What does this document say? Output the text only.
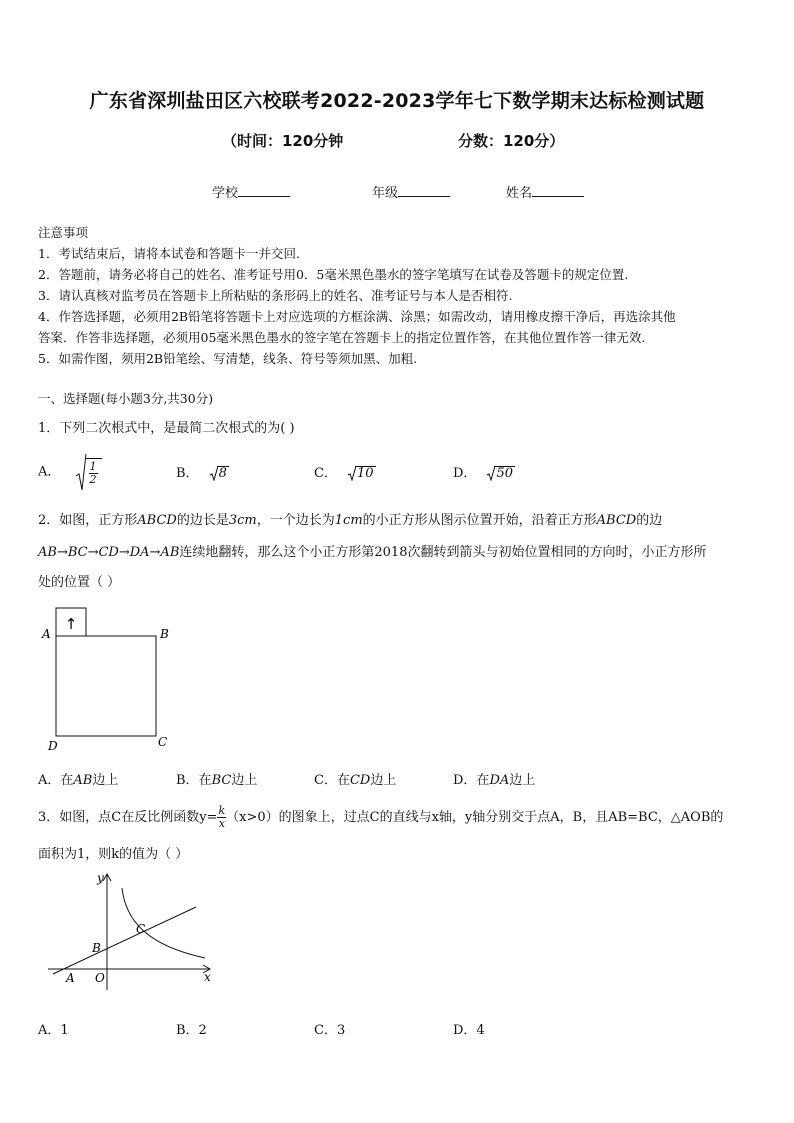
广东省深圳盐田区六校联考2022-2023学年七下数学期末达标检测试题
（时间：120分钟	分数：120分）
学校	年级	姓名
注意事项
1．考试结束后，请将本试卷和答题卡一并交回.
2．答题前，请务必将自己的姓名、准考证号用0．5毫米黑色墨水的签字笔填写在试卷及答题卡的规定位置.
3．请认真核对监考员在答题卡上所粘贴的条形码上的姓名、准考证号与本人是否相符.
4．作答选择题，必须用2B铅笔将答题卡上对应选项的方框涂满、涂黑；如需改动，请用橡皮擦干净后，再选涂其他
答案．作答非选择题，必须用05毫米黑色墨水的签字笔在答题卡上的指定位置作答，在其他位置作答一律无效.
5．如需作图，须用2B铅笔绘、写清楚，线条、符号等须加黑、加粗.
一、选择题(每小题3分,共30分)
1．下列二次根式中，是最简二次根式的为( )
A． $\frac{1}{2}$	B． 8	C． 10	D． 50
2．如图，正方形ABCD的边长是3cm，一个边长为1cm的小正方形从图示位置开始，沿着正方形ABCD的边
AB→BC→CD→DA→AB连续地翻转，那么这个小正方形第2018次翻转到箭头与初始位置相同的方向时，小正方形所
处的位置（ ）
↑
A	B
C
D
A．在AB边上	B．在BC边上	C．在CD边上	D．在DA边上
3．如图，点C在反比例函数$y= \frac{k}{x} (x>0)$的图象上，过点C的直线与x轴，y轴分别交于点A，B，且AB=BC，△AOB的
面积为1，则k的值为（ ）
y
x
O
A
B
C
A．1	B．2	C．3	D．4
